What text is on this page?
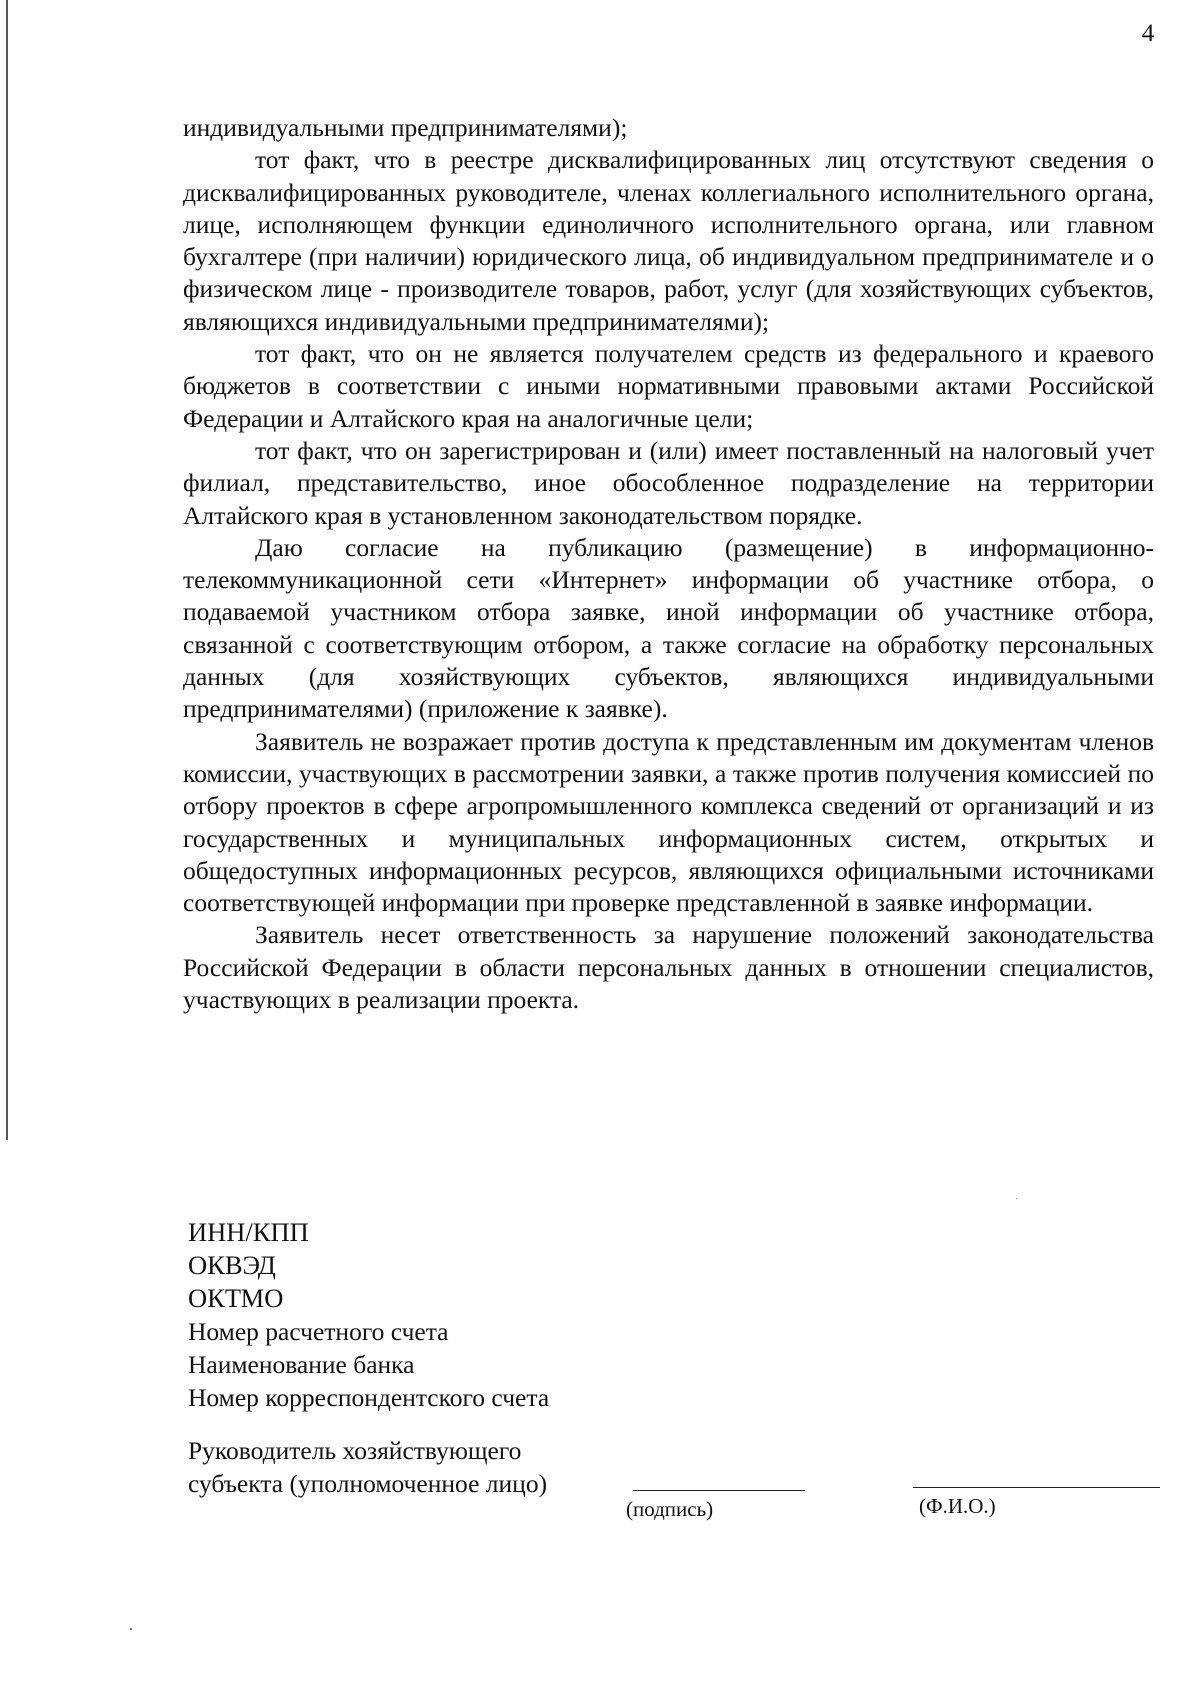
4

индивидуальными предпринимателями);

тот факт, что в реестре дисквалифицированных лиц отсутствуют сведения о дисквалифицированных руководителе, членах коллегиального исполнительного органа, лице, исполняющем функции единоличного исполнительного органа, или главном бухгалтере (при наличии) юридического лица, об индивидуальном предпринимателе и о физическом лице - производителе товаров, работ, услуг (для хозяйствующих субъектов, являющихся индивидуальными предпринимателями);

тот факт, что он не является получателем средств из федерального и краевого бюджетов в соответствии с иными нормативными правовыми актами Российской Федерации и Алтайского края на аналогичные цели;

тот факт, что он зарегистрирован и (или) имеет поставленный на налоговый учет филиал, представительство, иное обособленное подразделение на территории Алтайского края в установленном законодательством порядке.

Даю согласие на публикацию (размещение) в информационно-телекоммуникационной сети «Интернет» информации об участнике отбора, о подаваемой участником отбора заявке, иной информации об участнике отбора, связанной с соответствующим отбором, а также согласие на обработку персональных данных (для хозяйствующих субъектов, являющихся индивидуальными предпринимателями) (приложение к заявке).

Заявитель не возражает против доступа к представленным им документам членов комиссии, участвующих в рассмотрении заявки, а также против получения комиссией по отбору проектов в сфере агропромышленного комплекса сведений от организаций и из государственных и муниципальных информационных систем, открытых и общедоступных информационных ресурсов, являющихся официальными источниками соответствующей информации при проверке представленной в заявке информации.

Заявитель несет ответственность за нарушение положений законодательства Российской Федерации в области персональных данных в отношении специалистов, участвующих в реализации проекта.

ИНН/КПП
ОКВЭД
ОКТМО
Номер расчетного счета
Наименование банка
Номер корреспондентского счета
Руководитель хозяйствующего
субъекта (уполномоченное лицо)
(подпись)	(Ф.И.О.)
